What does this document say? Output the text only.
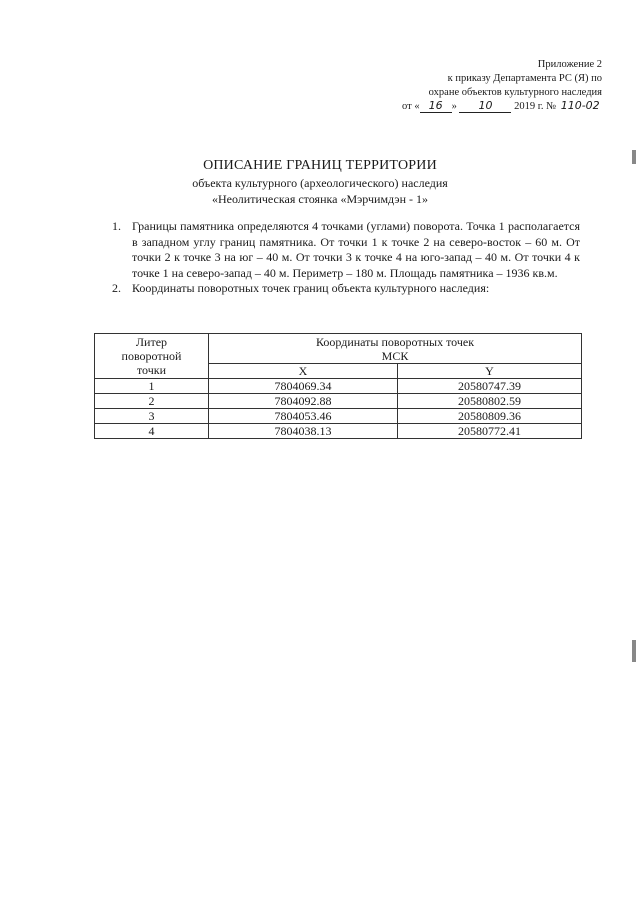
Приложение 2
к приказу Департамента РС (Я) по
охране объектов культурного наследия
от « 16 » 10 2019 г. № 110-02
ОПИСАНИЕ ГРАНИЦ ТЕРРИТОРИИ
объекта культурного (археологического) наследия
«Неолитическая стоянка «Мэрчимдэн - 1»
1. Границы памятника определяются 4 точками (углами) поворота. Точка 1 располагается в западном углу границ памятника. От точки 1 к точке 2 на северо-восток – 60 м. От точки 2 к точке 3 на юг – 40 м. От точки 3 к точке 4 на юго-запад – 40 м. От точки 4 к точке 1 на северо-запад – 40 м. Периметр – 180 м. Площадь памятника – 1936 кв.м.
2. Координаты поворотных точек границ объекта культурного наследия:
Литер поворотной точки	Координаты поворотных точек
МСК	

	X	Y
1	7804069.34	20580747.39
2	7804092.88	20580802.59
3	7804053.46	20580809.36
4	7804038.13	20580772.41
